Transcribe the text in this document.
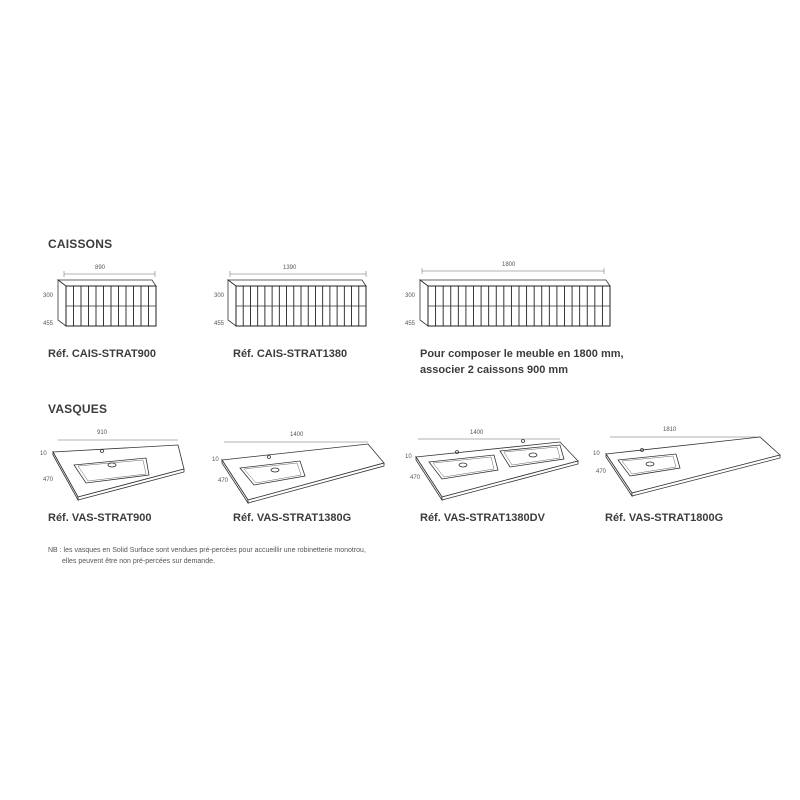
CAISSONS
890
300
455
Réf. CAIS-STRAT900
1390
300
455
Réf. CAIS-STRAT1380
1800
300
455
Pour composer le meuble en 1800 mm,
associer 2 caissons 900 mm
VASQUES
910
10
470
Réf. VAS-STRAT900
1400
10
470
Réf. VAS-STRAT1380G
1400
10
470
Réf. VAS-STRAT1380DV
1810
10
470
Réf. VAS-STRAT1800G
NB : les vasques en Solid Surface sont vendues pré-percées pour accueillir une robinetterie monotrou,
elles peuvent être non pré-percées sur demande.
